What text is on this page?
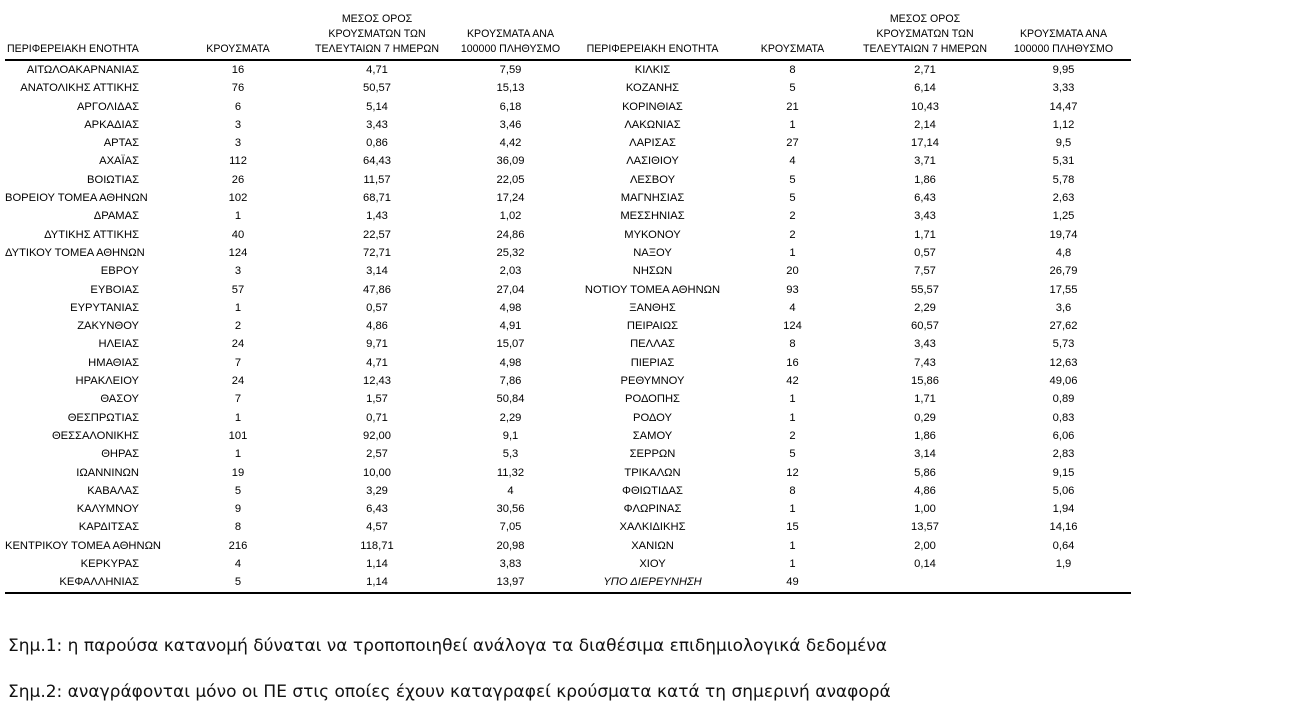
ΠΕΡΙΦΕΡΕΙΑΚΗ ΕΝΟΤΗΤΑ	ΚΡΟΥΣΜΑΤΑ	ΜΕΣΟΣ ΟΡΟΣ
ΚΡΟΥΣΜΑΤΩΝ ΤΩΝ
ΤΕΛΕΥΤΑΙΩΝ 7 ΗΜΕΡΩΝ	ΚΡΟΥΣΜΑΤΑ ΑΝΑ
100000 ΠΛΗΘΥΣΜΟ	ΠΕΡΙΦΕΡΕΙΑΚΗ ΕΝΟΤΗΤΑ	ΚΡΟΥΣΜΑΤΑ	ΜΕΣΟΣ ΟΡΟΣ
ΚΡΟΥΣΜΑΤΩΝ ΤΩΝ
ΤΕΛΕΥΤΑΙΩΝ 7 ΗΜΕΡΩΝ	ΚΡΟΥΣΜΑΤΑ ΑΝΑ
100000 ΠΛΗΘΥΣΜΟ
ΑΙΤΩΛΟΑΚΑΡΝΑΝΙΑΣ	16	4,71	7,59	ΚΙΛΚΙΣ	8	2,71	9,95
ΑΝΑΤΟΛΙΚΗΣ ΑΤΤΙΚΗΣ	76	50,57	15,13	ΚΟΖΑΝΗΣ	5	6,14	3,33
ΑΡΓΟΛΙΔΑΣ	6	5,14	6,18	ΚΟΡΙΝΘΙΑΣ	21	10,43	14,47
ΑΡΚΑΔΙΑΣ	3	3,43	3,46	ΛΑΚΩΝΙΑΣ	1	2,14	1,12
ΑΡΤΑΣ	3	0,86	4,42	ΛΑΡΙΣΑΣ	27	17,14	9,5
ΑΧΑΪΑΣ	112	64,43	36,09	ΛΑΣΙΘΙΟΥ	4	3,71	5,31
ΒΟΙΩΤΙΑΣ	26	11,57	22,05	ΛΕΣΒΟΥ	5	1,86	5,78
ΒΟΡΕΙΟΥ ΤΟΜΕΑ ΑΘΗΝΩΝ	102	68,71	17,24	ΜΑΓΝΗΣΙΑΣ	5	6,43	2,63
ΔΡΑΜΑΣ	1	1,43	1,02	ΜΕΣΣΗΝΙΑΣ	2	3,43	1,25
ΔΥΤΙΚΗΣ ΑΤΤΙΚΗΣ	40	22,57	24,86	ΜΥΚΟΝΟΥ	2	1,71	19,74
ΔΥΤΙΚΟΥ ΤΟΜΕΑ ΑΘΗΝΩΝ	124	72,71	25,32	ΝΑΞΟΥ	1	0,57	4,8
ΕΒΡΟΥ	3	3,14	2,03	ΝΗΣΩΝ	20	7,57	26,79
ΕΥΒΟΙΑΣ	57	47,86	27,04	ΝΟΤΙΟΥ ΤΟΜΕΑ ΑΘΗΝΩΝ	93	55,57	17,55
ΕΥΡΥΤΑΝΙΑΣ	1	0,57	4,98	ΞΑΝΘΗΣ	4	2,29	3,6
ΖΑΚΥΝΘΟΥ	2	4,86	4,91	ΠΕΙΡΑΙΩΣ	124	60,57	27,62
ΗΛΕΙΑΣ	24	9,71	15,07	ΠΕΛΛΑΣ	8	3,43	5,73
ΗΜΑΘΙΑΣ	7	4,71	4,98	ΠΙΕΡΙΑΣ	16	7,43	12,63
ΗΡΑΚΛΕΙΟΥ	24	12,43	7,86	ΡΕΘΥΜΝΟΥ	42	15,86	49,06
ΘΑΣΟΥ	7	1,57	50,84	ΡΟΔΟΠΗΣ	1	1,71	0,89
ΘΕΣΠΡΩΤΙΑΣ	1	0,71	2,29	ΡΟΔΟΥ	1	0,29	0,83
ΘΕΣΣΑΛΟΝΙΚΗΣ	101	92,00	9,1	ΣΑΜΟΥ	2	1,86	6,06
ΘΗΡΑΣ	1	2,57	5,3	ΣΕΡΡΩΝ	5	3,14	2,83
ΙΩΑΝΝΙΝΩΝ	19	10,00	11,32	ΤΡΙΚΑΛΩΝ	12	5,86	9,15
ΚΑΒΑΛΑΣ	5	3,29	4	ΦΘΙΩΤΙΔΑΣ	8	4,86	5,06
ΚΑΛΥΜΝΟΥ	9	6,43	30,56	ΦΛΩΡΙΝΑΣ	1	1,00	1,94
ΚΑΡΔΙΤΣΑΣ	8	4,57	7,05	ΧΑΛΚΙΔΙΚΗΣ	15	13,57	14,16
ΚΕΝΤΡΙΚΟΥ ΤΟΜΕΑ ΑΘΗΝΩΝ	216	118,71	20,98	ΧΑΝΙΩΝ	1	2,00	0,64
ΚΕΡΚΥΡΑΣ	4	1,14	3,83	ΧΙΟΥ	1	0,14	1,9
ΚΕΦΑΛΛΗΝΙΑΣ	5	1,14	13,97	ΥΠΟ ΔΙΕΡΕΥΝΗΣΗ	49		

Σημ.1: η παρούσα κατανομή δύναται να τροποποιηθεί ανάλογα τα διαθέσιμα επιδημιολογικά δεδομένα

Σημ.2: αναγράφονται μόνο οι ΠΕ στις οποίες έχουν καταγραφεί κρούσματα κατά τη σημερινή αναφορά
